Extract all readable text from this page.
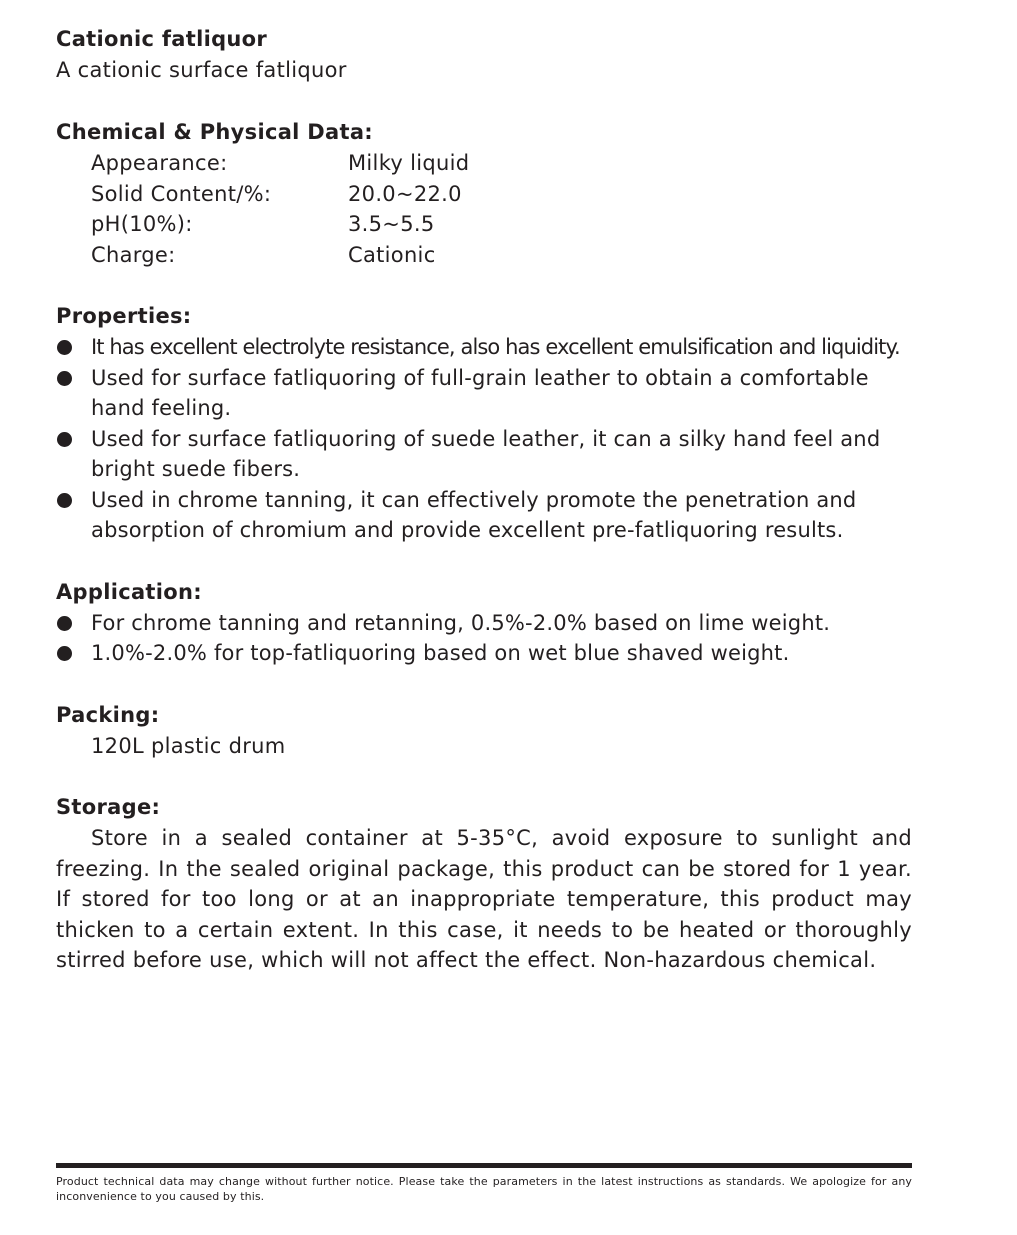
Cationic fatliquor
A cationic surface fatliquor
Chemical & Physical Data:
Appearance:	Milky liquid
Solid Content/%:	20.0~22.0
pH(10%):	3.5~5.5
Charge:	Cationic
Properties:
It has excellent electrolyte resistance, also has excellent emulsification and liquidity.
Used for surface fatliquoring of full-grain leather to obtain a comfortable hand feeling.
Used for surface fatliquoring of suede leather, it can a silky hand feel and bright suede fibers.
Used in chrome tanning, it can effectively promote the penetration and absorption of chromium and provide excellent pre-fatliquoring results.
Application:
For chrome tanning and retanning, 0.5%-2.0% based on lime weight.
1.0%-2.0% for top-fatliquoring based on wet blue shaved weight.
Packing:
120L plastic drum
Storage:
Store in a sealed container at 5-35°C, avoid exposure to sunlight and freezing. In the sealed original package, this product can be stored for 1 year. If stored for too long or at an inappropriate temperature, this product may thicken to a certain extent. In this case, it needs to be heated or thoroughly stirred before use, which will not affect the effect. Non-hazardous chemical.
Product technical data may change without further notice. Please take the parameters in the latest instructions as standards. We apologize for any inconvenience to you caused by this.
